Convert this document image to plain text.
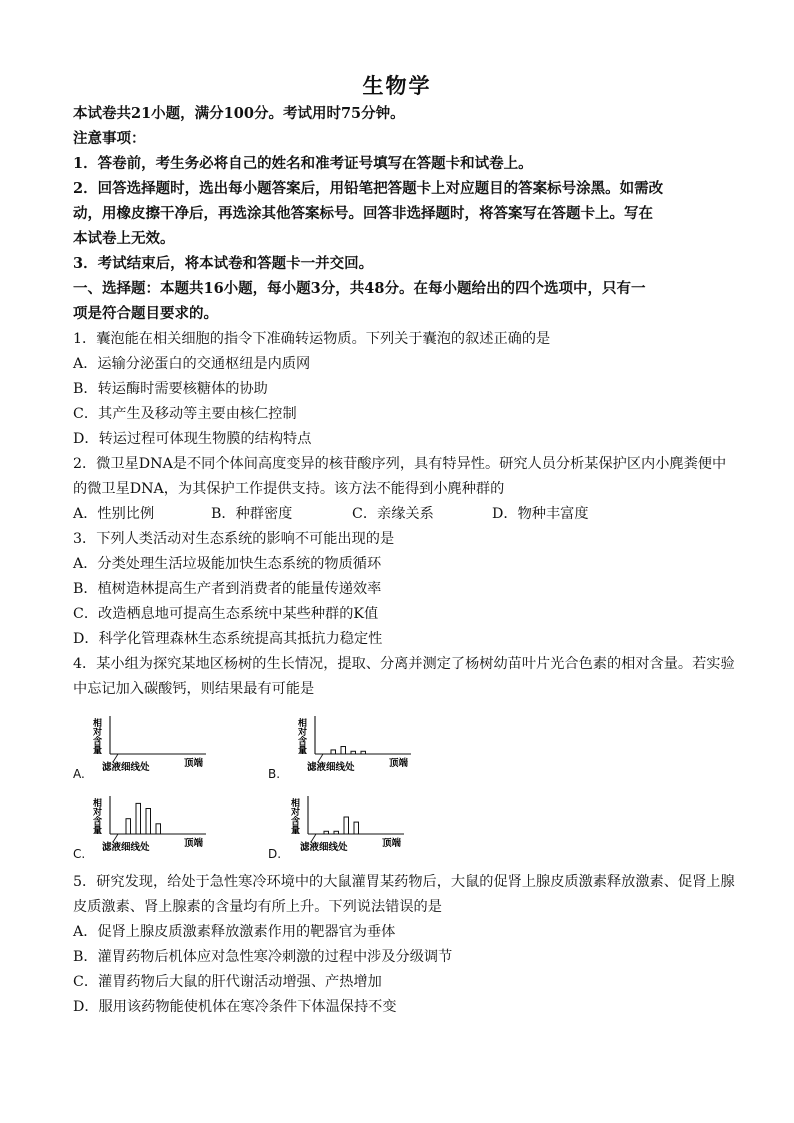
生物学
本试卷共21小题，满分100分。考试用时75分钟。
注意事项：
1．答卷前，考生务必将自己的姓名和准考证号填写在答题卡和试卷上。
2．回答选择题时，选出每小题答案后，用铅笔把答题卡上对应题目的答案标号涂黑。如需改
动，用橡皮擦干净后，再选涂其他答案标号。回答非选择题时，将答案写在答题卡上。写在
本试卷上无效。
3．考试结束后，将本试卷和答题卡一并交回。
一、选择题：本题共16小题，每小题3分，共48分。在每小题给出的四个选项中，只有一
项是符合题目要求的。
1．囊泡能在相关细胞的指令下准确转运物质。下列关于囊泡的叙述正确的是
A．运输分泌蛋白的交通枢纽是内质网
B．转运酶时需要核糖体的协助
C．其产生及移动等主要由核仁控制
D．转运过程可体现生物膜的结构特点
2．微卫星DNA是不同个体间高度变异的核苷酸序列，具有特异性。研究人员分析某保护区内小麂粪便中
的微卫星DNA，为其保护工作提供支持。该方法不能得到小麂种群的
A．性别比例	B．种群密度	C．亲缘关系	D．物种丰富度
3．下列人类活动对生态系统的影响不可能出现的是
A．分类处理生活垃圾能加快生态系统的物质循环
B．植树造林提高生产者到消费者的能量传递效率
C．改造栖息地可提高生态系统中某些种群的K值
D．科学化管理森林生态系统提高其抵抗力稳定性
4．某小组为探究某地区杨树的生长情况，提取、分离并测定了杨树幼苗叶片光合色素的相对含量。若实验
中忘记加入碳酸钙，则结果最有可能是
相对含量
滤液细线处	顶端
A.
相对含量
滤液细线处	顶端
B.
相对含量
滤液细线处	顶端
C.
相对含量
滤液细线处	顶端
D.
5．研究发现，给处于急性寒冷环境中的大鼠灌胃某药物后，大鼠的促肾上腺皮质激素释放激素、促肾上腺
皮质激素、肾上腺素的含量均有所上升。下列说法错误的是
A．促肾上腺皮质激素释放激素作用的靶器官为垂体
B．灌胃药物后机体应对急性寒冷刺激的过程中涉及分级调节
C．灌胃药物后大鼠的肝代谢活动增强、产热增加
D．服用该药物能使机体在寒冷条件下体温保持不变
